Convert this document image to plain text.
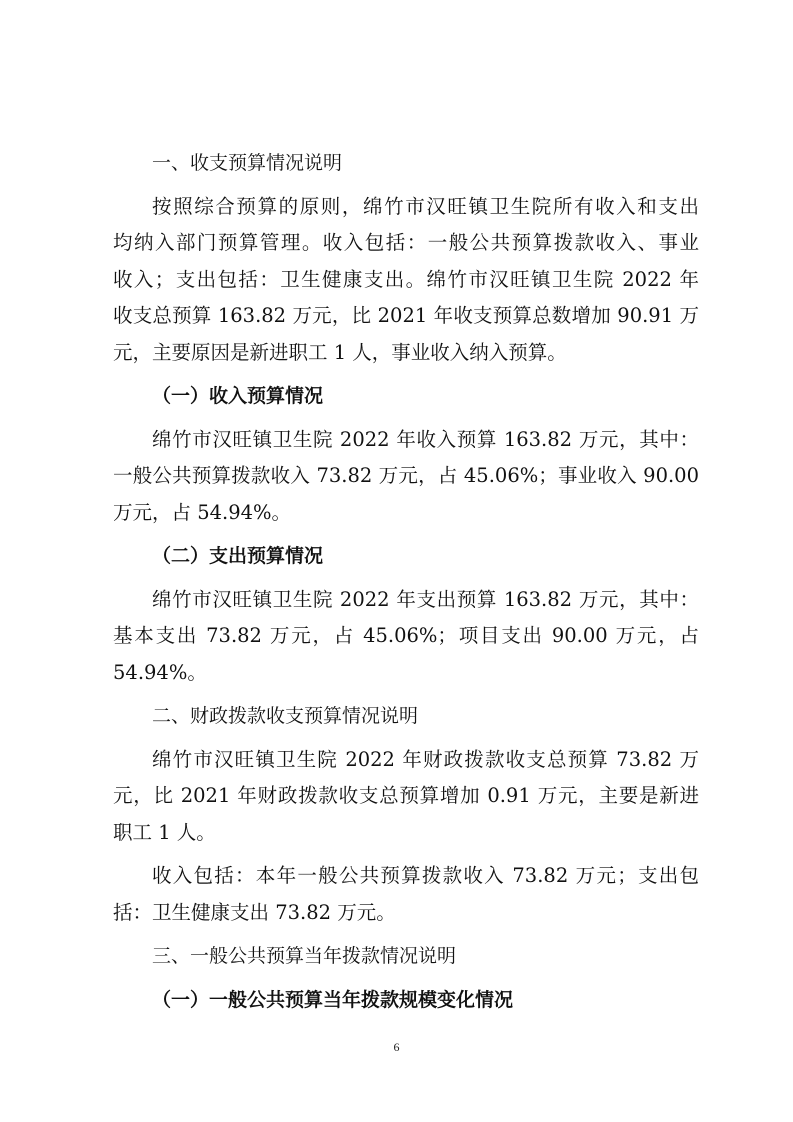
一、收支预算情况说明
按照综合预算的原则，绵竹市汉旺镇卫生院所有收入和支出
均纳入部门预算管理。收入包括：一般公共预算拨款收入、事业
收入；支出包括：卫生健康支出。绵竹市汉旺镇卫生院 2022 年
收支总预算 163.82 万元，比 2021 年收支预算总数增加 90.91 万
元，主要原因是新进职工 1 人，事业收入纳入预算。
（一）收入预算情况
绵竹市汉旺镇卫生院 2022 年收入预算 163.82 万元，其中：
一般公共预算拨款收入 73.82 万元，占 45.06%；事业收入 90.00
万元，占 54.94%。
（二）支出预算情况
绵竹市汉旺镇卫生院 2022 年支出预算 163.82 万元，其中：
基本支出 73.82 万元，占 45.06%；项目支出 90.00 万元，占
54.94%。
二、财政拨款收支预算情况说明
绵竹市汉旺镇卫生院 2022 年财政拨款收支总预算 73.82 万
元，比 2021 年财政拨款收支总预算增加 0.91 万元，主要是新进
职工 1 人。
收入包括：本年一般公共预算拨款收入 73.82 万元；支出包
括：卫生健康支出 73.82 万元。
三、一般公共预算当年拨款情况说明
（一）一般公共预算当年拨款规模变化情况
6
